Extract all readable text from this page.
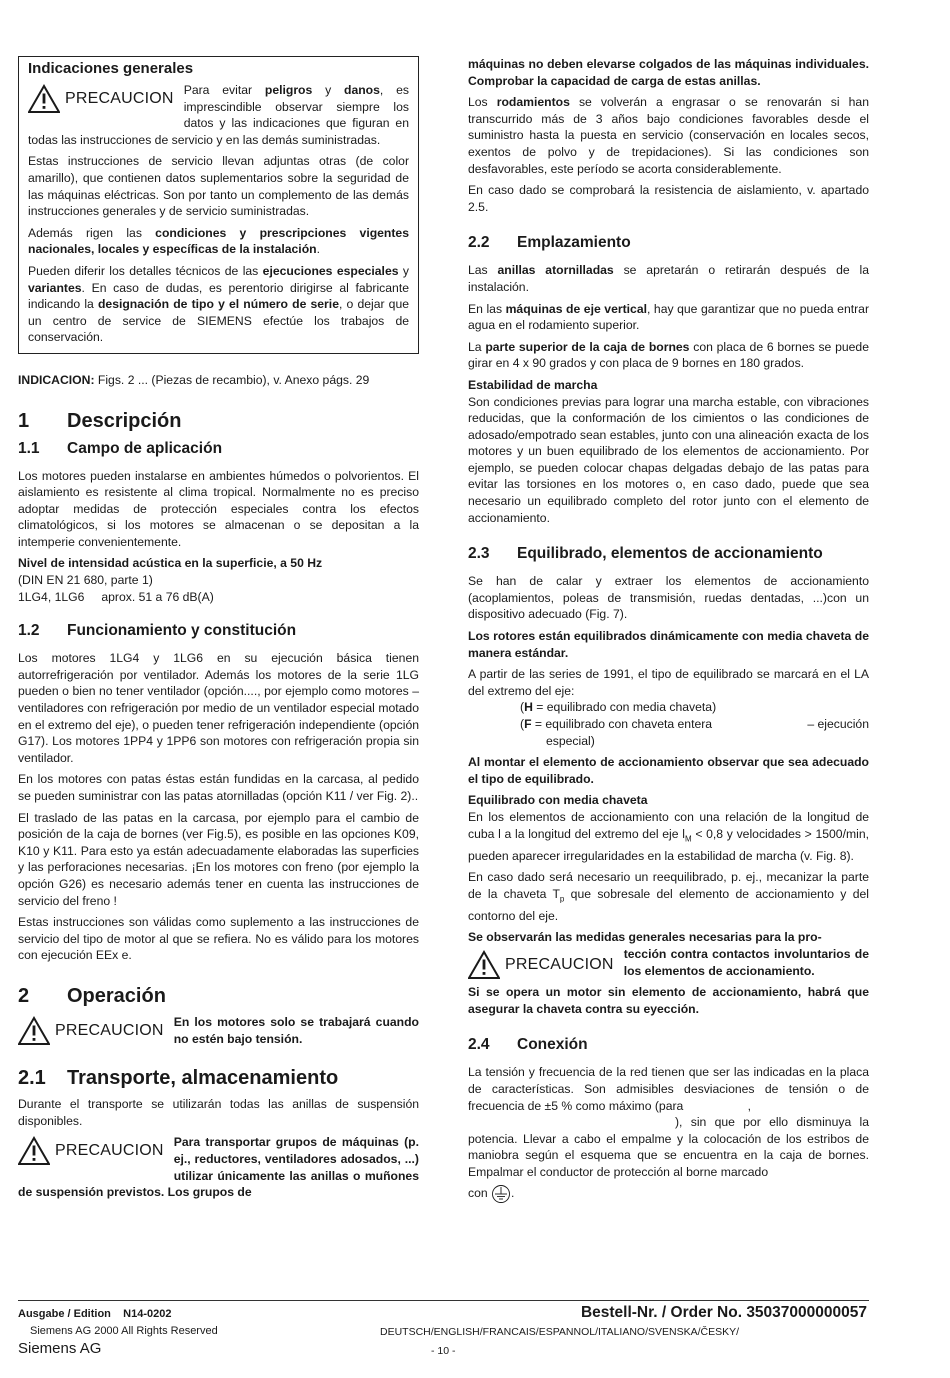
Indicaciones generales
PRECAUCION Para evitar peligros y danos, es imprescindible observar siempre los datos y las indicaciones que figuran en todas las instrucciones de servicio y en las demás suministradas.

Estas instrucciones de servicio llevan adjuntas otras (de color amarillo), que contienen datos suplementarios sobre la seguridad de las máquinas eléctricas. Son por tanto un complemento de las demás instrucciones generales y de servicio suministradas.

Además rigen las condiciones y prescripciones vigentes nacionales, locales y específicas de la instalación.

Pueden diferir los detalles técnicos de las ejecuciones especiales y variantes. En caso de dudas, es perentorio dirigirse al fabricante indicando la designación de tipo y el número de serie, o dejar que un centro de service de SIEMENS efectúe los trabajos de conservación.

INDICACION: Figs. 2 ... (Piezas de recambio), v. Anexo págs. 29

1	Descripción
1.1	Campo de aplicación

Los motores pueden instalarse en ambientes húmedos o polvorientos. El aislamiento es resistente al clima tropical. Normalmente no es preciso adoptar medidas de protección especiales contra los efectos climatológicos, si los motores se almacenan o se depositan a la intemperie convenientemente.

Nivel de intensidad acústica en la superficie, a 50 Hz

(DIN EN 21 680, parte 1)

1LG4, 1LG6 aprox. 51 a 76 dB(A)

1.2	Funcionamiento y constitución

Los motores 1LG4 y 1LG6 en su ejecución básica tienen autorrefrigeración por ventilador. Además los motores de la serie 1LG pueden o bien no tener ventilador (opción...., por ejemplo como motores – ventiladores con refrigeración por medio de un ventilador especial motado en el extremo del eje), o pueden tener refrigeración independiente (opción G17). Los motores 1PP4 y 1PP6 son motores con refrigeración propia sin ventilador.

En los motores con patas éstas están fundidas en la carcasa, al pedido se pueden suministrar con las patas atornilladas (opción K11 / ver Fig. 2)..

El traslado de las patas en la carcasa, por ejemplo para el cambio de posición de la caja de bornes (ver Fig.5), es posible en las opciones K09, K10 y K11. Para esto ya están adecuadamente elaboradas las superficies y las perforaciones necesarias. ¡En los motores con freno (por ejemplo la opción G26) es necesario además tener en cuenta las instrucciones de servicio del freno !

Estas instrucciones son válidas como suplemento a las instrucciones de servicio del tipo de motor al que se refiera. No es válido para los motores con ejecución EEx e.

2	Operación
PRECAUCION En los motores solo se trabajará cuando no estén bajo tensión.

2.1	Transporte, almacenamiento

Durante el transporte se utilizarán todas las anillas de suspensión disponibles.

PRECAUCION Para transportar grupos de máquinas (p. ej., reductores, ventiladores adosados, ...) utilizar únicamente las anillas o muñones de suspensión previstos. Los grupos de

máquinas no deben elevarse colgados de las máquinas individuales. Comprobar la capacidad de carga de estas anillas.

Los rodamientos se volverán a engrasar o se renovarán si han transcurrido más de 3 años bajo condiciones favorables desde el suministro hasta la puesta en servicio (conservación en locales secos, exentos de polvo y de trepidaciones). Si las condiciones son desfavorables, este período se acorta considerablemente.

En caso dado se comprobará la resistencia de aislamiento, v. apartado 2.5.

2.2	Emplazamiento

Las anillas atornilladas se apretarán o retirarán después de la instalación.

En las máquinas de eje vertical, hay que garantizar que no pueda entrar agua en el rodamiento superior.

La parte superior de la caja de bornes con placa de 6 bornes se puede girar en 4 x 90 grados y con placa de 9 bornes en 180 grados.

Estabilidad de marcha

Son condiciones previas para lograr una marcha estable, con vibraciones reducidas, que la conformación de los cimientos o las condiciones de adosado/empotrado sean estables, junto con una alineación exacta de los motores y un buen equilibrado de los elementos de accionamiento. Por ejemplo, se pueden colocar chapas delgadas debajo de las patas para evitar las torsiones en los motores o, en caso dado, puede que sea necesario un equilibrado completo del rotor junto con el elemento de accionamiento.

2.3	Equilibrado, elementos de accionamiento

Se han de calar y extraer los elementos de accionamiento (acoplamientos, poleas de transmisión, ruedas dentadas, ...)con un dispositivo adecuado (Fig. 7).

Los rotores están equilibrados dinámicamente con media chaveta de manera estándar.

A partir de las series de 1991, el tipo de equilibrado se marcará en el LA del extremo del eje:

(H = equilibrado con media chaveta)

(F = equilibrado con chaveta entera	– ejecución

especial)

Al montar el elemento de accionamiento observar que sea adecuado el tipo de equilibrado.

Equilibrado con media chaveta

En los elementos de accionamiento con una relación de la longitud de cuba l a la longitud del extremo del eje $l_M < 0,8$ y velocidades > 1500/min, pueden aparecer irregularidades en la estabilidad de marcha (v. Fig. 8).

En caso dado será necesario un reequilibrado, p. ej., mecanizar la parte de la chaveta $T_p$ que sobresale del elemento de accionamiento y del contorno del eje.

Se observarán las medidas generales necesarias para la pro-

PRECAUCION

tección contra contactos involuntarios de los elementos de accionamiento.

Si se opera un motor sin elemento de accionamiento, habrá que asegurar la chaveta contra su eyección.

2.4	Conexión

La tensión y frecuencia de la red tienen que ser las indicadas en la placa de características. Son admisibles desviaciones de tensión o de frecuencia de ±5 % como máximo (para	,
), sin que por ello disminuya la potencia. Llevar a cabo el empalme y la colocación de los estribos de maniobra según el esquema que se encuentra en la caja de bornes. Empalmar el conductor de protección al borne marcado

con .

Ausgabe / Edition N14-0202
Siemens AG 2000 All Rights Reserved
Siemens AG
Bestell-Nr. / Order No. 35037000000057
DEUTSCH/ENGLISH/FRANCAIS/ESPANNOL/ITALIANO/SVENSKA/ČESKY/
- 10 -
